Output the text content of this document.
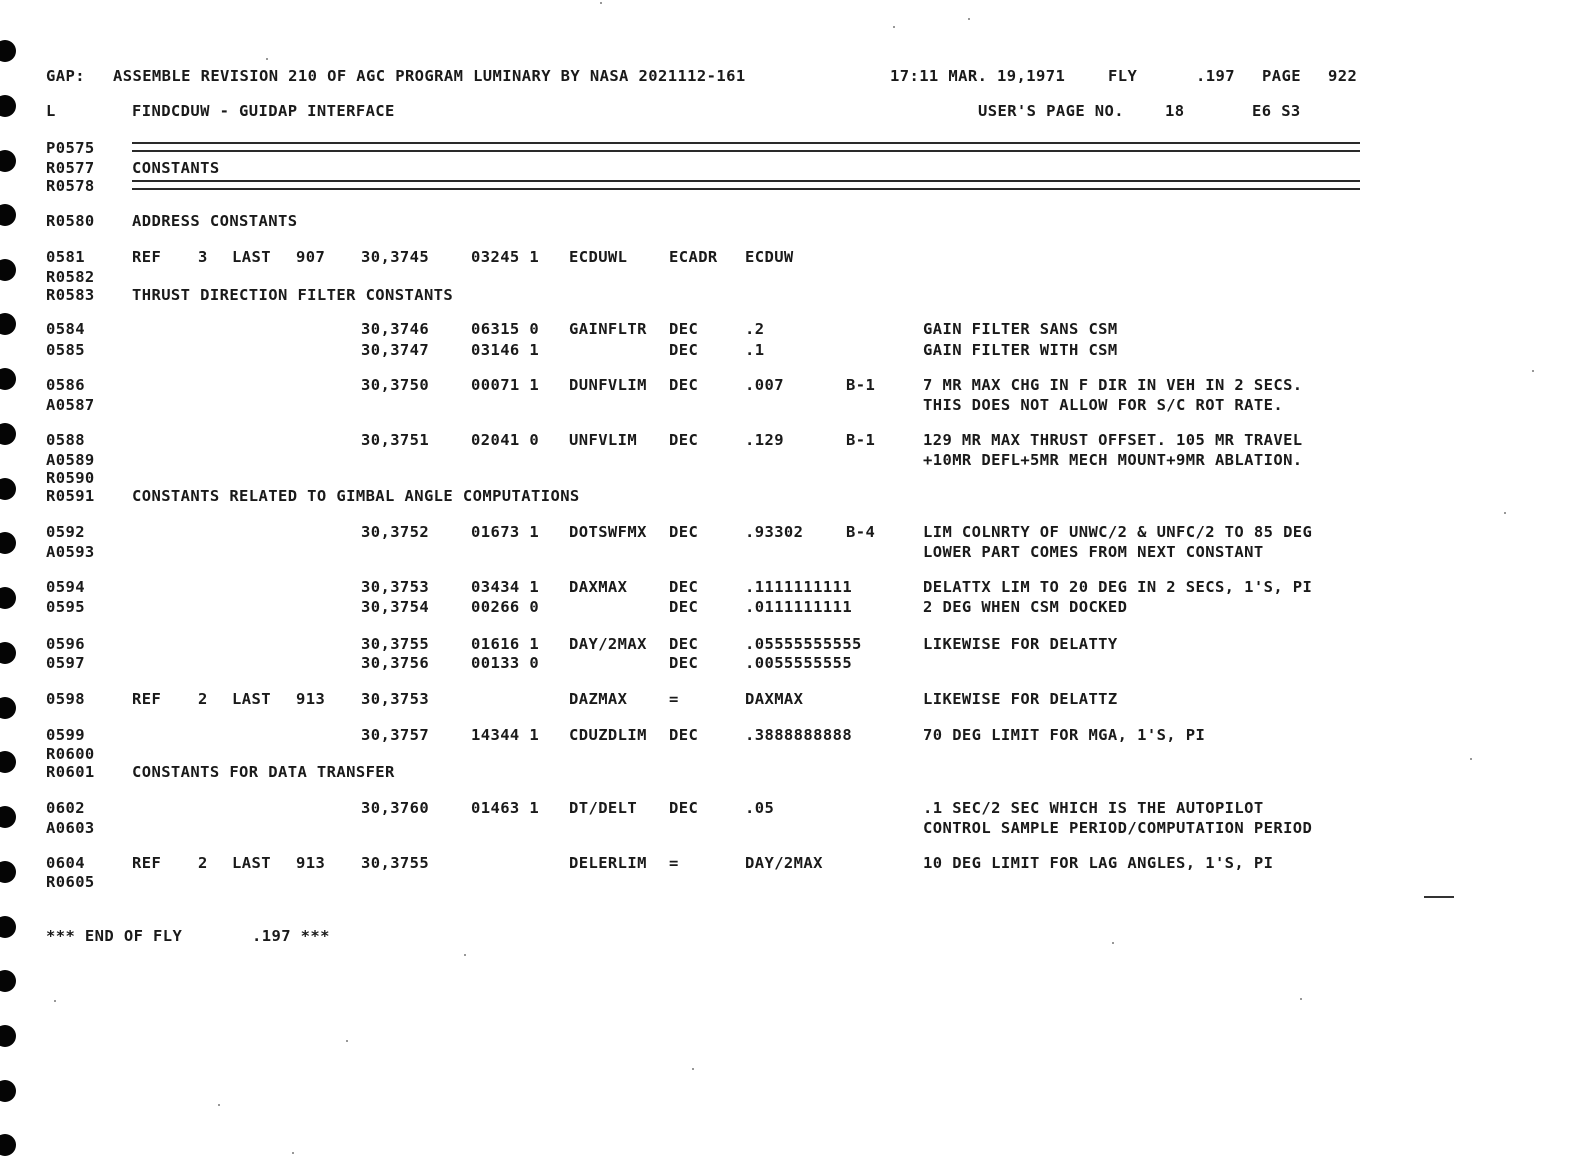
GAP: ASSEMBLE REVISION 210 OF AGC PROGRAM LUMINARY BY NASA 2021112-161	17:11 MAR. 19,1971	FLY	.197 PAGE 922
L	FINDCDUW - GUIDAP INTERFACE	USER'S PAGE NO.	18	E6 S3
P0575
R0577 CONSTANTS
R0578
R0580 ADDRESS CONSTANTS
0581	REF 3 LAST 907 30,3745	03245 1 ECDUWL	ECADR ECDUW
R0582
R0583 THRUST DIRECTION FILTER CONSTANTS
0584	30,3746	06315 0 GAINFLTR DEC	.2	GAIN FILTER SANS CSM
0585	30,3747	03146 1	DEC	.1	GAIN FILTER WITH CSM
0586	30,3750	00071 1 DUNFVLIM DEC	.007	B-1	7 MR MAX CHG IN F DIR IN VEH IN 2 SECS.
A0587	THIS DOES NOT ALLOW FOR S/C ROT RATE.
0588	30,3751	02041 0 UNFVLIM DEC	.129	B-1	129 MR MAX THRUST OFFSET. 105 MR TRAVEL
A0589	+10MR DEFL+5MR MECH MOUNT+9MR ABLATION.
R0590
R0591 CONSTANTS RELATED TO GIMBAL ANGLE COMPUTATIONS
0592	30,3752	01673 1 DOTSWFMX DEC	.93302	B-4	LIM COLNRTY OF UNWC/2 & UNFC/2 TO 85 DEG
A0593	LOWER PART COMES FROM NEXT CONSTANT
0594	30,3753	03434 1 DAXMAX	DEC	.1111111111	DELATTX LIM TO 20 DEG IN 2 SECS, 1'S, PI
0595	30,3754	00266 0	DEC	.0111111111	2 DEG WHEN CSM DOCKED
0596	30,3755	01616 1 DAY/2MAX DEC	.05555555555	LIKEWISE FOR DELATTY
0597	30,3756	00133 0	DEC	.0055555555
0598	REF 2 LAST 913 30,3753	DAZMAX	=	DAXMAX	LIKEWISE FOR DELATTZ
0599	30,3757	14344 1 CDUZDLIM DEC	.3888888888	70 DEG LIMIT FOR MGA, 1'S, PI
R0600
R0601 CONSTANTS FOR DATA TRANSFER
0602	30,3760	01463 1 DT/DELT DEC	.05	.1 SEC/2 SEC WHICH IS THE AUTOPILOT
A0603	CONTROL SAMPLE PERIOD/COMPUTATION PERIOD
0604	REF 2 LAST 913 30,3755	DELERLIM =	DAY/2MAX	10 DEG LIMIT FOR LAG ANGLES, 1'S, PI
R0605
*** END OF FLY	.197 ***
